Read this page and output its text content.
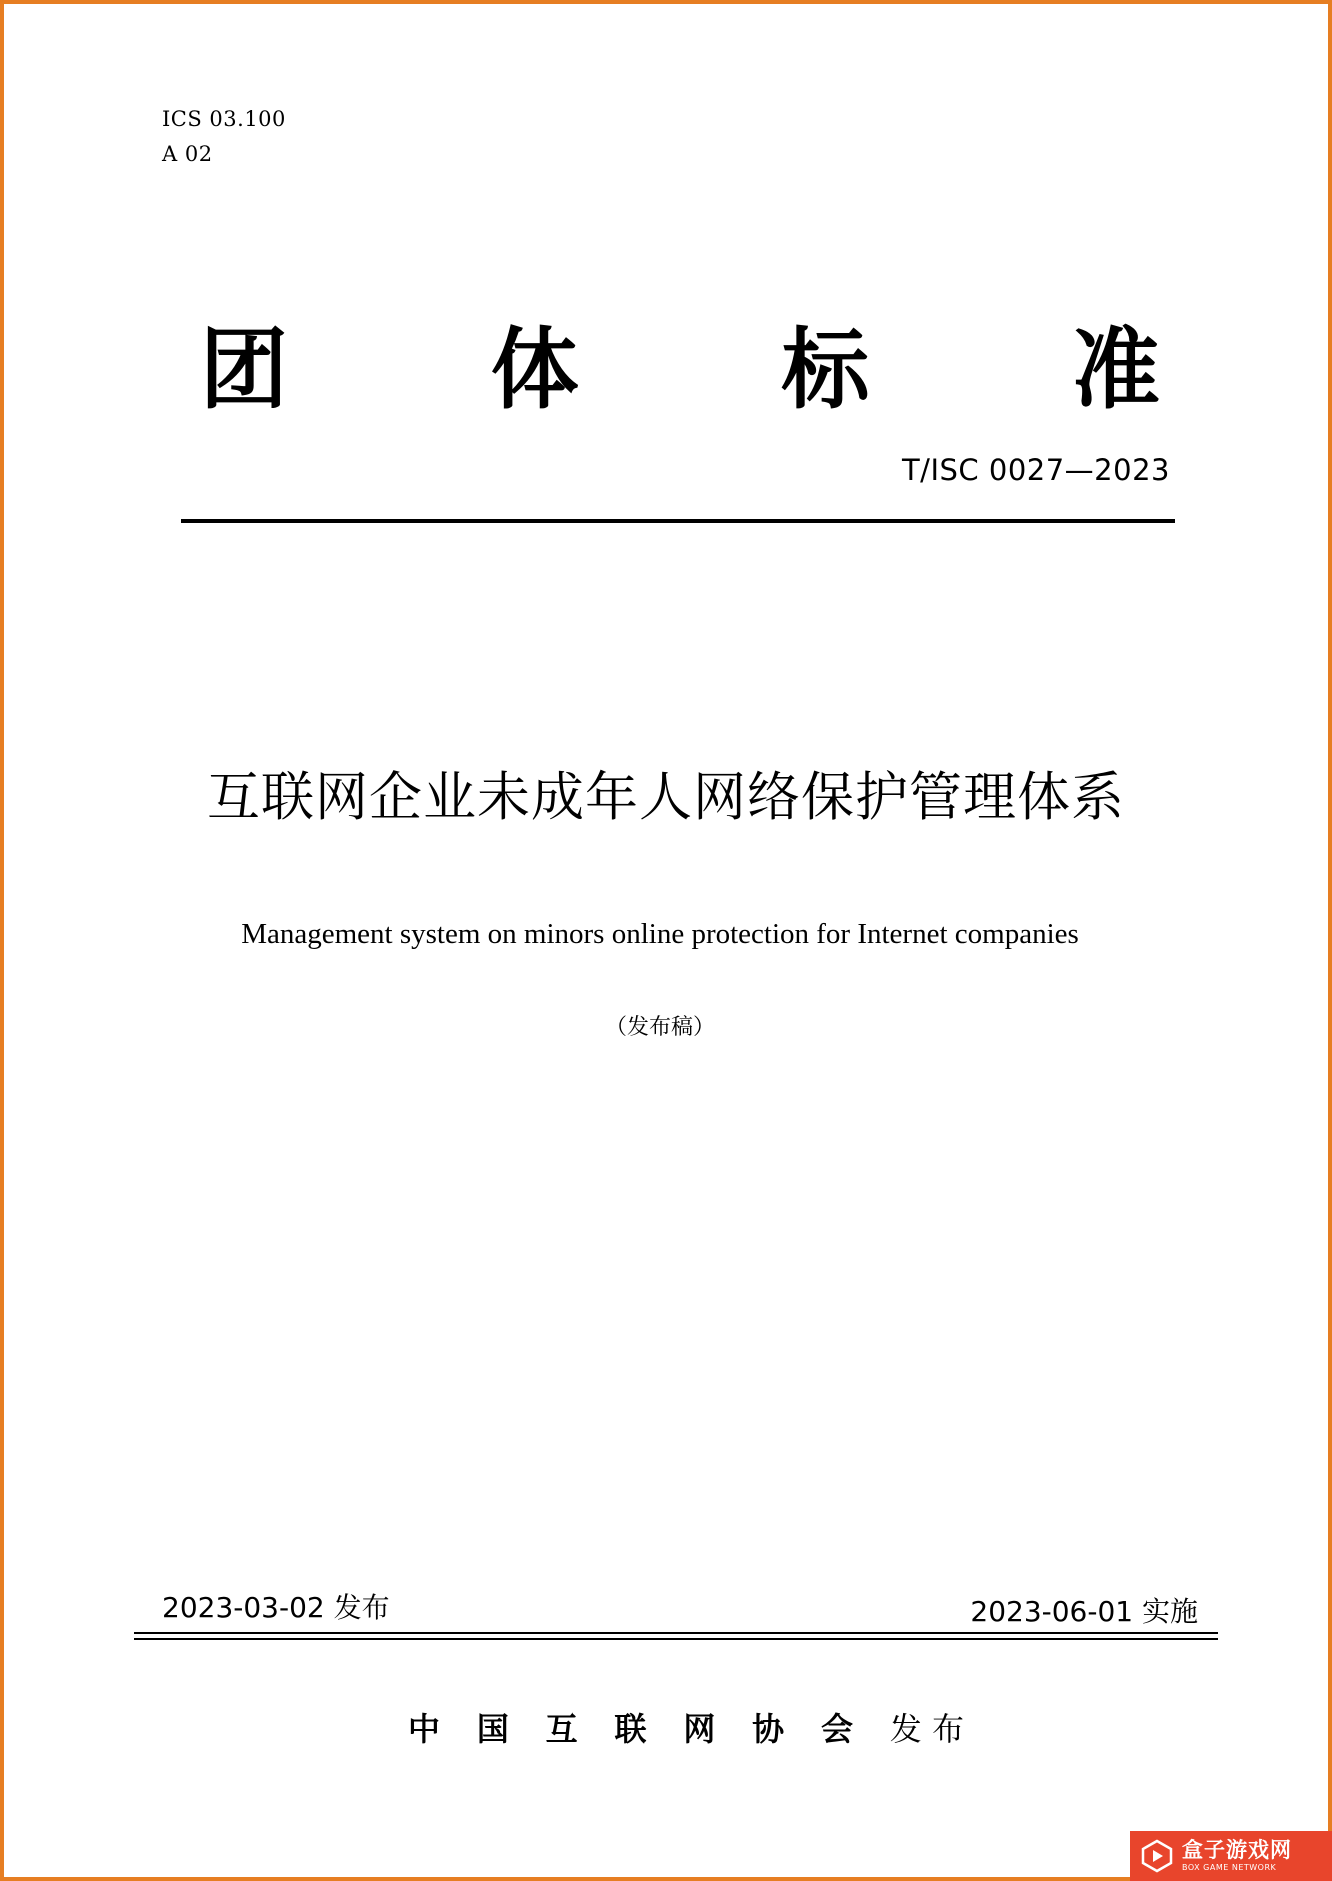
ICS 03.100
A 02
团 体 标 准
T/ISC 0027—2023
互联网企业未成年人网络保护管理体系
Management system on minors online protection for Internet companies
（发布稿）
2023-03-02 发布	2023-06-01 实施
中 国 互 联 网 协 会 发 布
盒子游戏网
BOX GAME NETWORK
